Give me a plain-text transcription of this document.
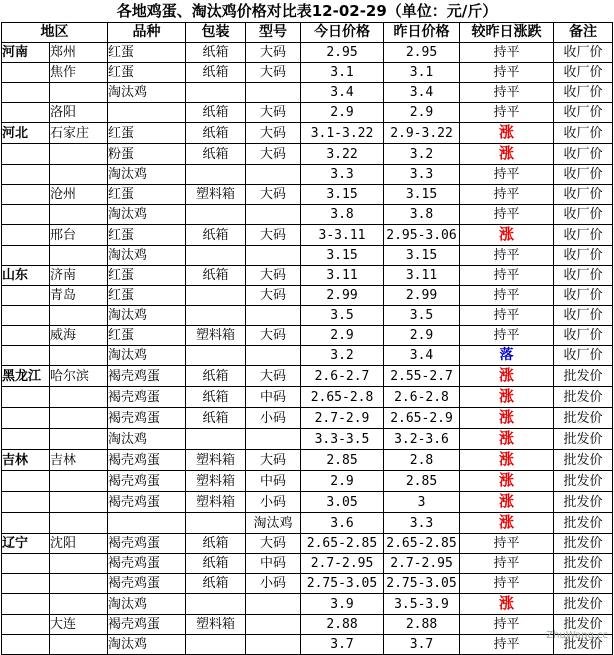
各地鸡蛋、淘汰鸡价格对比表12-02-29（单位：元/斤）
地区		品种	包装	型号	今日价格	昨日价格	较昨日涨跌	备注
河南	郑州	红蛋	纸箱	大码	2.95	2.95	持平	收厂价
	焦作	红蛋	纸箱	大码	3.1	3.1	持平	收厂价
		淘汰鸡			3.4	3.4	持平	收厂价
	洛阳		纸箱	大码	2.9	2.9	持平	收厂价
河北	石家庄	红蛋	纸箱	大码	3.1-3.22	2.9-3.22	涨	收厂价
		粉蛋	纸箱	大码	3.22	3.2	涨	收厂价
		淘汰鸡			3.3	3.3	持平	收厂价
	沧州	红蛋	塑料箱	大码	3.15	3.15	持平	收厂价
		淘汰鸡			3.8	3.8	持平	收厂价
	邢台	红蛋	纸箱	大码	3-3.11	2.95-3.06	涨	收厂价
		淘汰鸡			3.15	3.15	持平	收厂价
山东	济南	红蛋	纸箱	大码	3.11	3.11	持平	收厂价
	青岛	红蛋		大码	2.99	2.99	持平	收厂价
		淘汰鸡			3.5	3.5	持平	收厂价
	威海	红蛋	塑料箱	大码	2.9	2.9	持平	收厂价
		淘汰鸡			3.2	3.4	落	收厂价
黑龙江	哈尔滨	褐壳鸡蛋	纸箱	大码	2.6-2.7	2.55-2.7	涨	批发价
		褐壳鸡蛋	纸箱	中码	2.65-2.8	2.6-2.8	涨	批发价
		褐壳鸡蛋	纸箱	小码	2.7-2.9	2.65-2.9	涨	批发价
		淘汰鸡			3.3-3.5	3.2-3.6	涨	批发价
吉林	吉林	褐壳鸡蛋	塑料箱	大码	2.85	2.8	涨	批发价
		褐壳鸡蛋	塑料箱	中码	2.9	2.85	涨	批发价
		褐壳鸡蛋	塑料箱	小码	3.05	3	涨	批发价
				淘汰鸡	3.6	3.3	涨	批发价
辽宁	沈阳	褐壳鸡蛋	纸箱	大码	2.65-2.85	2.65-2.85	持平	批发价
		褐壳鸡蛋	纸箱	中码	2.7-2.95	2.7-2.95	持平	批发价
		褐壳鸡蛋	纸箱	小码	2.75-3.05	2.75-3.05	持平	批发价
		淘汰鸡			3.9	3.5-3.9	涨	批发价
	大连	褐壳鸡蛋	塑料箱		2.88	2.88	持平	批发价
		淘汰鸡			3.7	3.7	持平	批发价
ZhuWang.cc
